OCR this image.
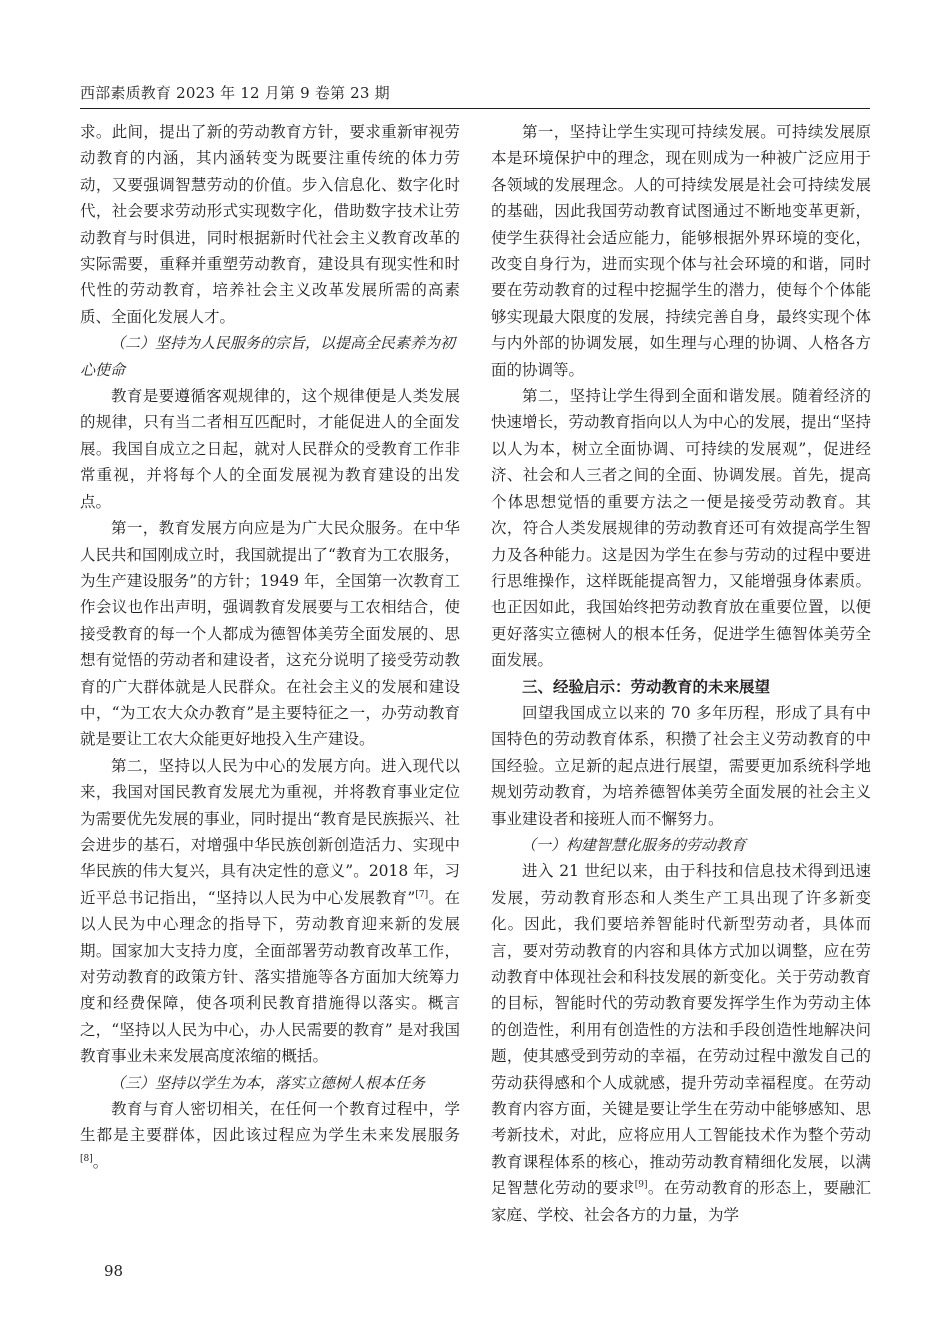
西部素质教育 2023 年 12 月第 9 卷第 23 期

求。此间，提出了新的劳动教育方针，要求重新审视劳动教育的内涵，其内涵转变为既要注重传统的体力劳动，又要强调智慧劳动的价值。步入信息化、数字化时代，社会要求劳动形式实现数字化，借助数字技术让劳动教育与时俱进，同时根据新时代社会主义教育改革的实际需要，重释并重塑劳动教育，建设具有现实性和时代性的劳动教育，培养社会主义改革发展所需的高素质、全面化发展人才。

（二）坚持为人民服务的宗旨，以提高全民素养为初心使命

教育是要遵循客观规律的，这个规律便是人类发展的规律，只有当二者相互匹配时，才能促进人的全面发展。我国自成立之日起，就对人民群众的受教育工作非常重视，并将每个人的全面发展视为教育建设的出发点。

第一，教育发展方向应是为广大民众服务。在中华人民共和国刚成立时，我国就提出了“教育为工农服务，为生产建设服务”的方针；1949 年，全国第一次教育工作会议也作出声明，强调教育发展要与工农相结合，使接受教育的每一个人都成为德智体美劳全面发展的、思想有觉悟的劳动者和建设者，这充分说明了接受劳动教育的广大群体就是人民群众。在社会主义的发展和建设中，“为工农大众办教育”是主要特征之一，办劳动教育就是要让工农大众能更好地投入生产建设。

第二，坚持以人民为中心的发展方向。进入现代以来，我国对国民教育发展尤为重视，并将教育事业定位为需要优先发展的事业，同时提出“教育是民族振兴、社会进步的基石，对增强中华民族创新创造活力、实现中华民族的伟大复兴，具有决定性的意义”。2018 年，习近平总书记指出，“坚持以人民为中心发展教育”[7]。在以人民为中心理念的指导下，劳动教育迎来新的发展期。国家加大支持力度，全面部署劳动教育改革工作，对劳动教育的政策方针、落实措施等各方面加大统筹力度和经费保障，使各项利民教育措施得以落实。概言之，“坚持以人民为中心，办人民需要的教育” 是对我国教育事业未来发展高度浓缩的概括。

（三）坚持以学生为本，落实立德树人根本任务

教育与育人密切相关，在任何一个教育过程中，学生都是主要群体，因此该过程应为学生未来发展服务[8]。

第一，坚持让学生实现可持续发展。可持续发展原本是环境保护中的理念，现在则成为一种被广泛应用于各领域的发展理念。人的可持续发展是社会可持续发展的基础，因此我国劳动教育试图通过不断地变革更新，使学生获得社会适应能力，能够根据外界环境的变化，改变自身行为，进而实现个体与社会环境的和谐，同时要在劳动教育的过程中挖掘学生的潜力，使每个个体能够实现最大限度的发展，持续完善自身，最终实现个体与内外部的协调发展，如生理与心理的协调、人格各方面的协调等。

第二，坚持让学生得到全面和谐发展。随着经济的快速增长，劳动教育指向以人为中心的发展，提出“坚持以人为本，树立全面协调、可持续的发展观”，促进经济、社会和人三者之间的全面、协调发展。首先，提高个体思想觉悟的重要方法之一便是接受劳动教育。其次，符合人类发展规律的劳动教育还可有效提高学生智力及各种能力。这是因为学生在参与劳动的过程中要进行思维操作，这样既能提高智力，又能增强身体素质。也正因如此，我国始终把劳动教育放在重要位置，以便更好落实立德树人的根本任务，促进学生德智体美劳全面发展。

三、经验启示：劳动教育的未来展望

回望我国成立以来的 70 多年历程，形成了具有中国特色的劳动教育体系，积攒了社会主义劳动教育的中国经验。立足新的起点进行展望，需要更加系统科学地规划劳动教育，为培养德智体美劳全面发展的社会主义事业建设者和接班人而不懈努力。

（一）构建智慧化服务的劳动教育

进入 21 世纪以来，由于科技和信息技术得到迅速发展，劳动教育形态和人类生产工具出现了许多新变化。因此，我们要培养智能时代新型劳动者，具体而言，要对劳动教育的内容和具体方式加以调整，应在劳动教育中体现社会和科技发展的新变化。关于劳动教育的目标，智能时代的劳动教育要发挥学生作为劳动主体的创造性，利用有创造性的方法和手段创造性地解决问题，使其感受到劳动的幸福，在劳动过程中激发自己的劳动获得感和个人成就感，提升劳动幸福程度。在劳动教育内容方面，关键是要让学生在劳动中能够感知、思考新技术，对此，应将应用人工智能技术作为整个劳动教育课程体系的核心，推动劳动教育精细化发展，以满足智慧化劳动的要求[9]。在劳动教育的形态上，要融汇家庭、学校、社会各方的力量，为学

98
